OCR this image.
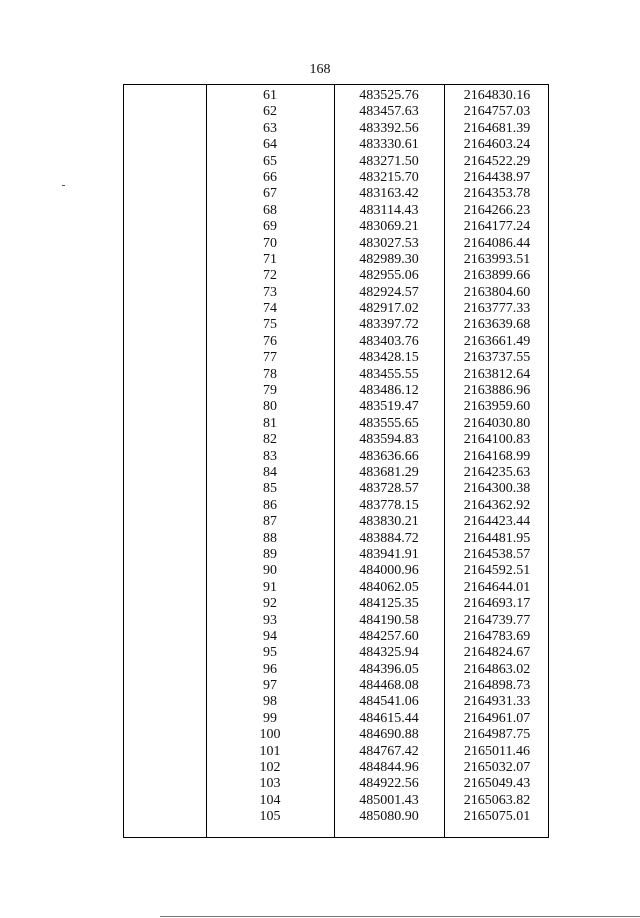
168
61	483525.76	2164830.16
62	483457.63	2164757.03
63	483392.56	2164681.39
64	483330.61	2164603.24
65	483271.50	2164522.29
66	483215.70	2164438.97
67	483163.42	2164353.78
68	483114.43	2164266.23
69	483069.21	2164177.24
70	483027.53	2164086.44
71	482989.30	2163993.51
72	482955.06	2163899.66
73	482924.57	2163804.60
74	482917.02	2163777.33
75	483397.72	2163639.68
76	483403.76	2163661.49
77	483428.15	2163737.55
78	483455.55	2163812.64
79	483486.12	2163886.96
80	483519.47	2163959.60
81	483555.65	2164030.80
82	483594.83	2164100.83
83	483636.66	2164168.99
84	483681.29	2164235.63
85	483728.57	2164300.38
86	483778.15	2164362.92
87	483830.21	2164423.44
88	483884.72	2164481.95
89	483941.91	2164538.57
90	484000.96	2164592.51
91	484062.05	2164644.01
92	484125.35	2164693.17
93	484190.58	2164739.77
94	484257.60	2164783.69
95	484325.94	2164824.67
96	484396.05	2164863.02
97	484468.08	2164898.73
98	484541.06	2164931.33
99	484615.44	2164961.07
100	484690.88	2164987.75
101	484767.42	2165011.46
102	484844.96	2165032.07
103	484922.56	2165049.43
104	485001.43	2165063.82
105	485080.90	2165075.01
